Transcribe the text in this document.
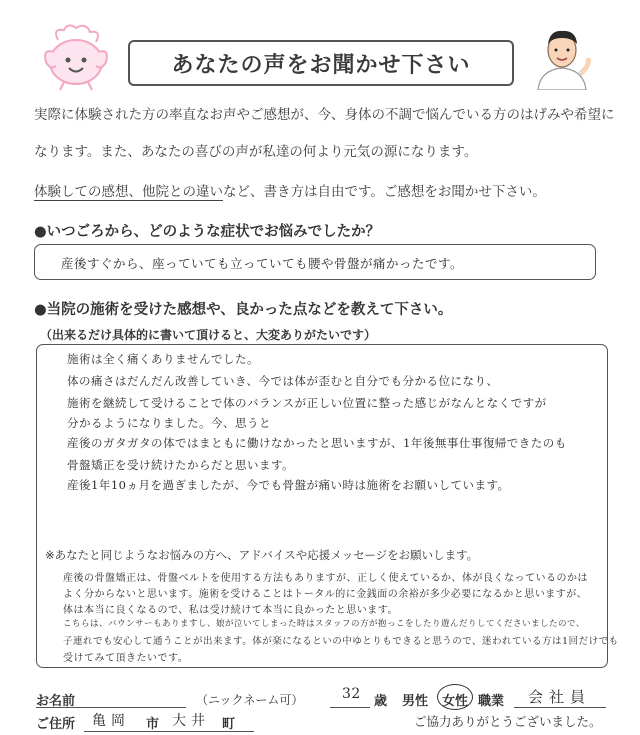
あなたの声をお聞かせ下さい
実際に体験された方の率直なお声やご感想が、今、身体の不調で悩んでいる方のはげみや希望に
なります。また、あなたの喜びの声が私達の何より元気の源になります。
体験しての感想、他院との違いなど、書き方は自由です。ご感想をお聞かせ下さい。
●いつごろから、どのような症状でお悩みでしたか？
産後すぐから、座っていても立っていても腰や骨盤が痛かったです。
●当院の施術を受けた感想や、良かった点などを教えて下さい。
（出来るだけ具体的に書いて頂けると、大変ありがたいです）
施術は全く痛くありませんでした。
体の痛さはだんだん改善していき、今では体が歪むと自分でも分かる位になり、
施術を継続して受けることで体のバランスが正しい位置に整った感じがなんとなくですが
分かるようになりました。今、思うと
産後のガタガタの体ではまともに働けなかったと思いますが、1年後無事仕事復帰できたのも
骨盤矯正を受け続けたからだと思います。
産後1年10ヵ月を過ぎましたが、今でも骨盤が痛い時は施術をお願いしています。
※あなたと同じようなお悩みの方へ、アドバイスや応援メッセージをお願いします。
産後の骨盤矯正は、骨盤ベルトを使用する方法もありますが、正しく使えているか、体が良くなっているのかは
よく分からないと思います。施術を受けることはトータル的に金銭面の余裕が多少必要になるかと思いますが、
体は本当に良くなるので、私は受け続けて本当に良かったと思います。
こちらは、バウンサーもありますし、娘が泣いてしまった時はスタッフの方が抱っこをしたり遊んだりしてくださいましたので、
子連れでも安心して通うことが出来ます。体が楽になるといの中ゆとりもできると思うので、迷われている方は1回だけでも
受けてみて頂きたいです。
お名前	（ニックネーム可）	32 歳 男性 女性 職業 会社員
ご住所 亀岡 市 大井 町	ご協力ありがとうございました。
